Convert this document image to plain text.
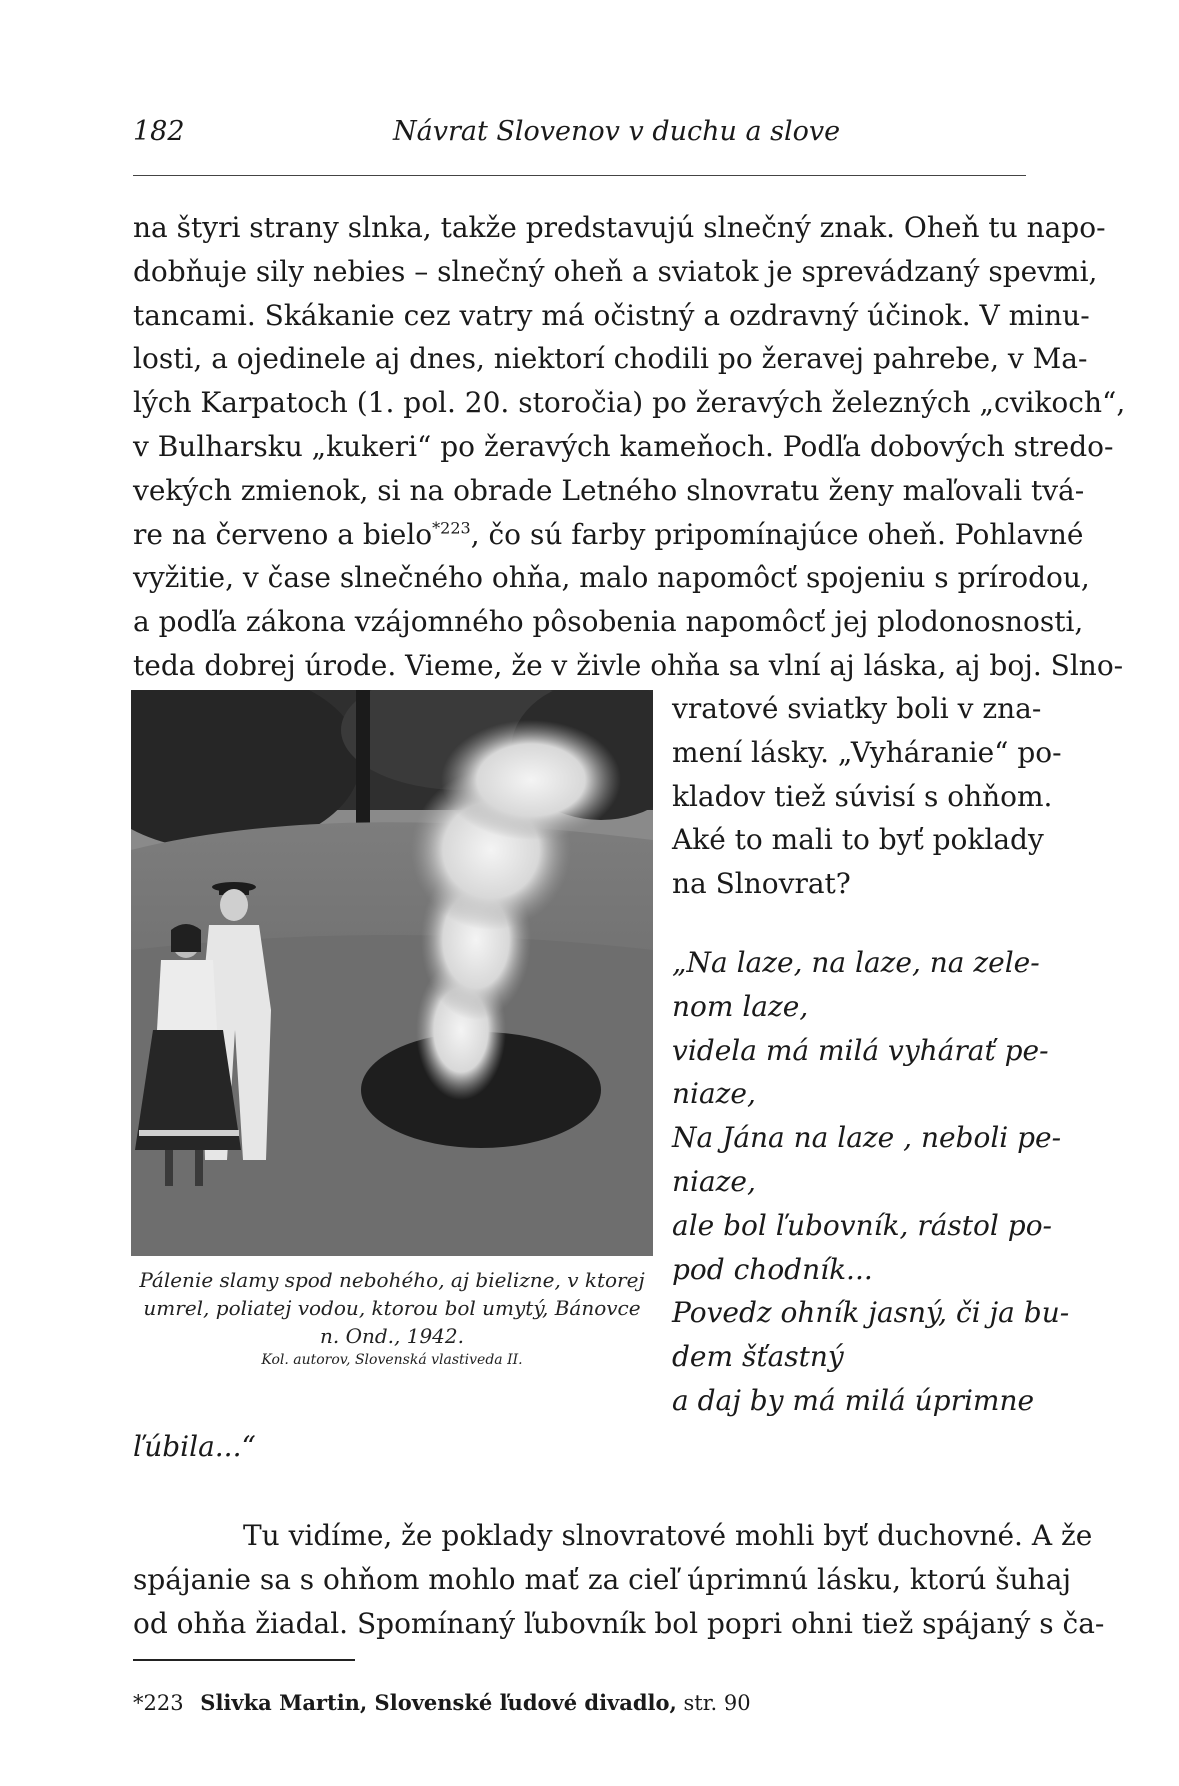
182	Návrat Slovenov v duchu a slove
na štyri strany slnka, takže predstavujú slnečný znak. Oheň tu napo-
dobňuje sily nebies – slnečný oheň a sviatok je sprevádzaný spevmi,
tancami. Skákanie cez vatry má očistný a ozdravný účinok. V minu-
losti, a ojedinele aj dnes, niektorí chodili po žeravej pahrebe, v Ma-
lých Karpatoch (1. pol. 20. storočia) po žeravých železných „cvikoch“,
v Bulharsku „kukeri“ po žeravých kameňoch. Podľa dobových stredo-
vekých zmienok, si na obrade Letného slnovratu ženy maľovali tvá-
re na červeno a bielo$^{*223}$, čo sú farby pripomínajúce oheň. Pohlavné
vyžitie, v čase slnečného ohňa, malo napomôcť spojeniu s prírodou,
a podľa zákona vzájomného pôsobenia napomôcť jej plodonosnosti,
teda dobrej úrode. Vieme, že v živle ohňa sa vlní aj láska, aj boj. Slno-
Pálenie slamy spod nebohého, aj bielizne, v ktorej umrel, poliatej vodou, ktorou bol umytý, Bánovce n. Ond., 1942.
Kol. autorov, Slovenská vlastiveda II.
vratové sviatky boli v zna-
mení lásky. „Vyháranie“ po-
kladov tiež súvisí s ohňom.
Aké to mali to byť poklady
na Slnovrat?
„Na laze, na laze, na zele-
nom laze,
videla má milá vyhárať pe-
niaze,
Na Jána na laze , neboli pe-
niaze,
ale bol ľubovník, rástol po-
pod chodník...
Povedz ohník jasný, či ja bu-
dem šťastný
a daj by má milá úprimne
ľúbila...“
Tu vidíme, že poklady slnovratové mohli byť duchovné. A že
spájanie sa s ohňom mohlo mať za cieľ úprimnú lásku, ktorú šuhaj
od ohňa žiadal. Spomínaný ľubovník bol popri ohni tiež spájaný s ča-
*223 Slivka Martin, Slovenské ľudové divadlo, str. 90
